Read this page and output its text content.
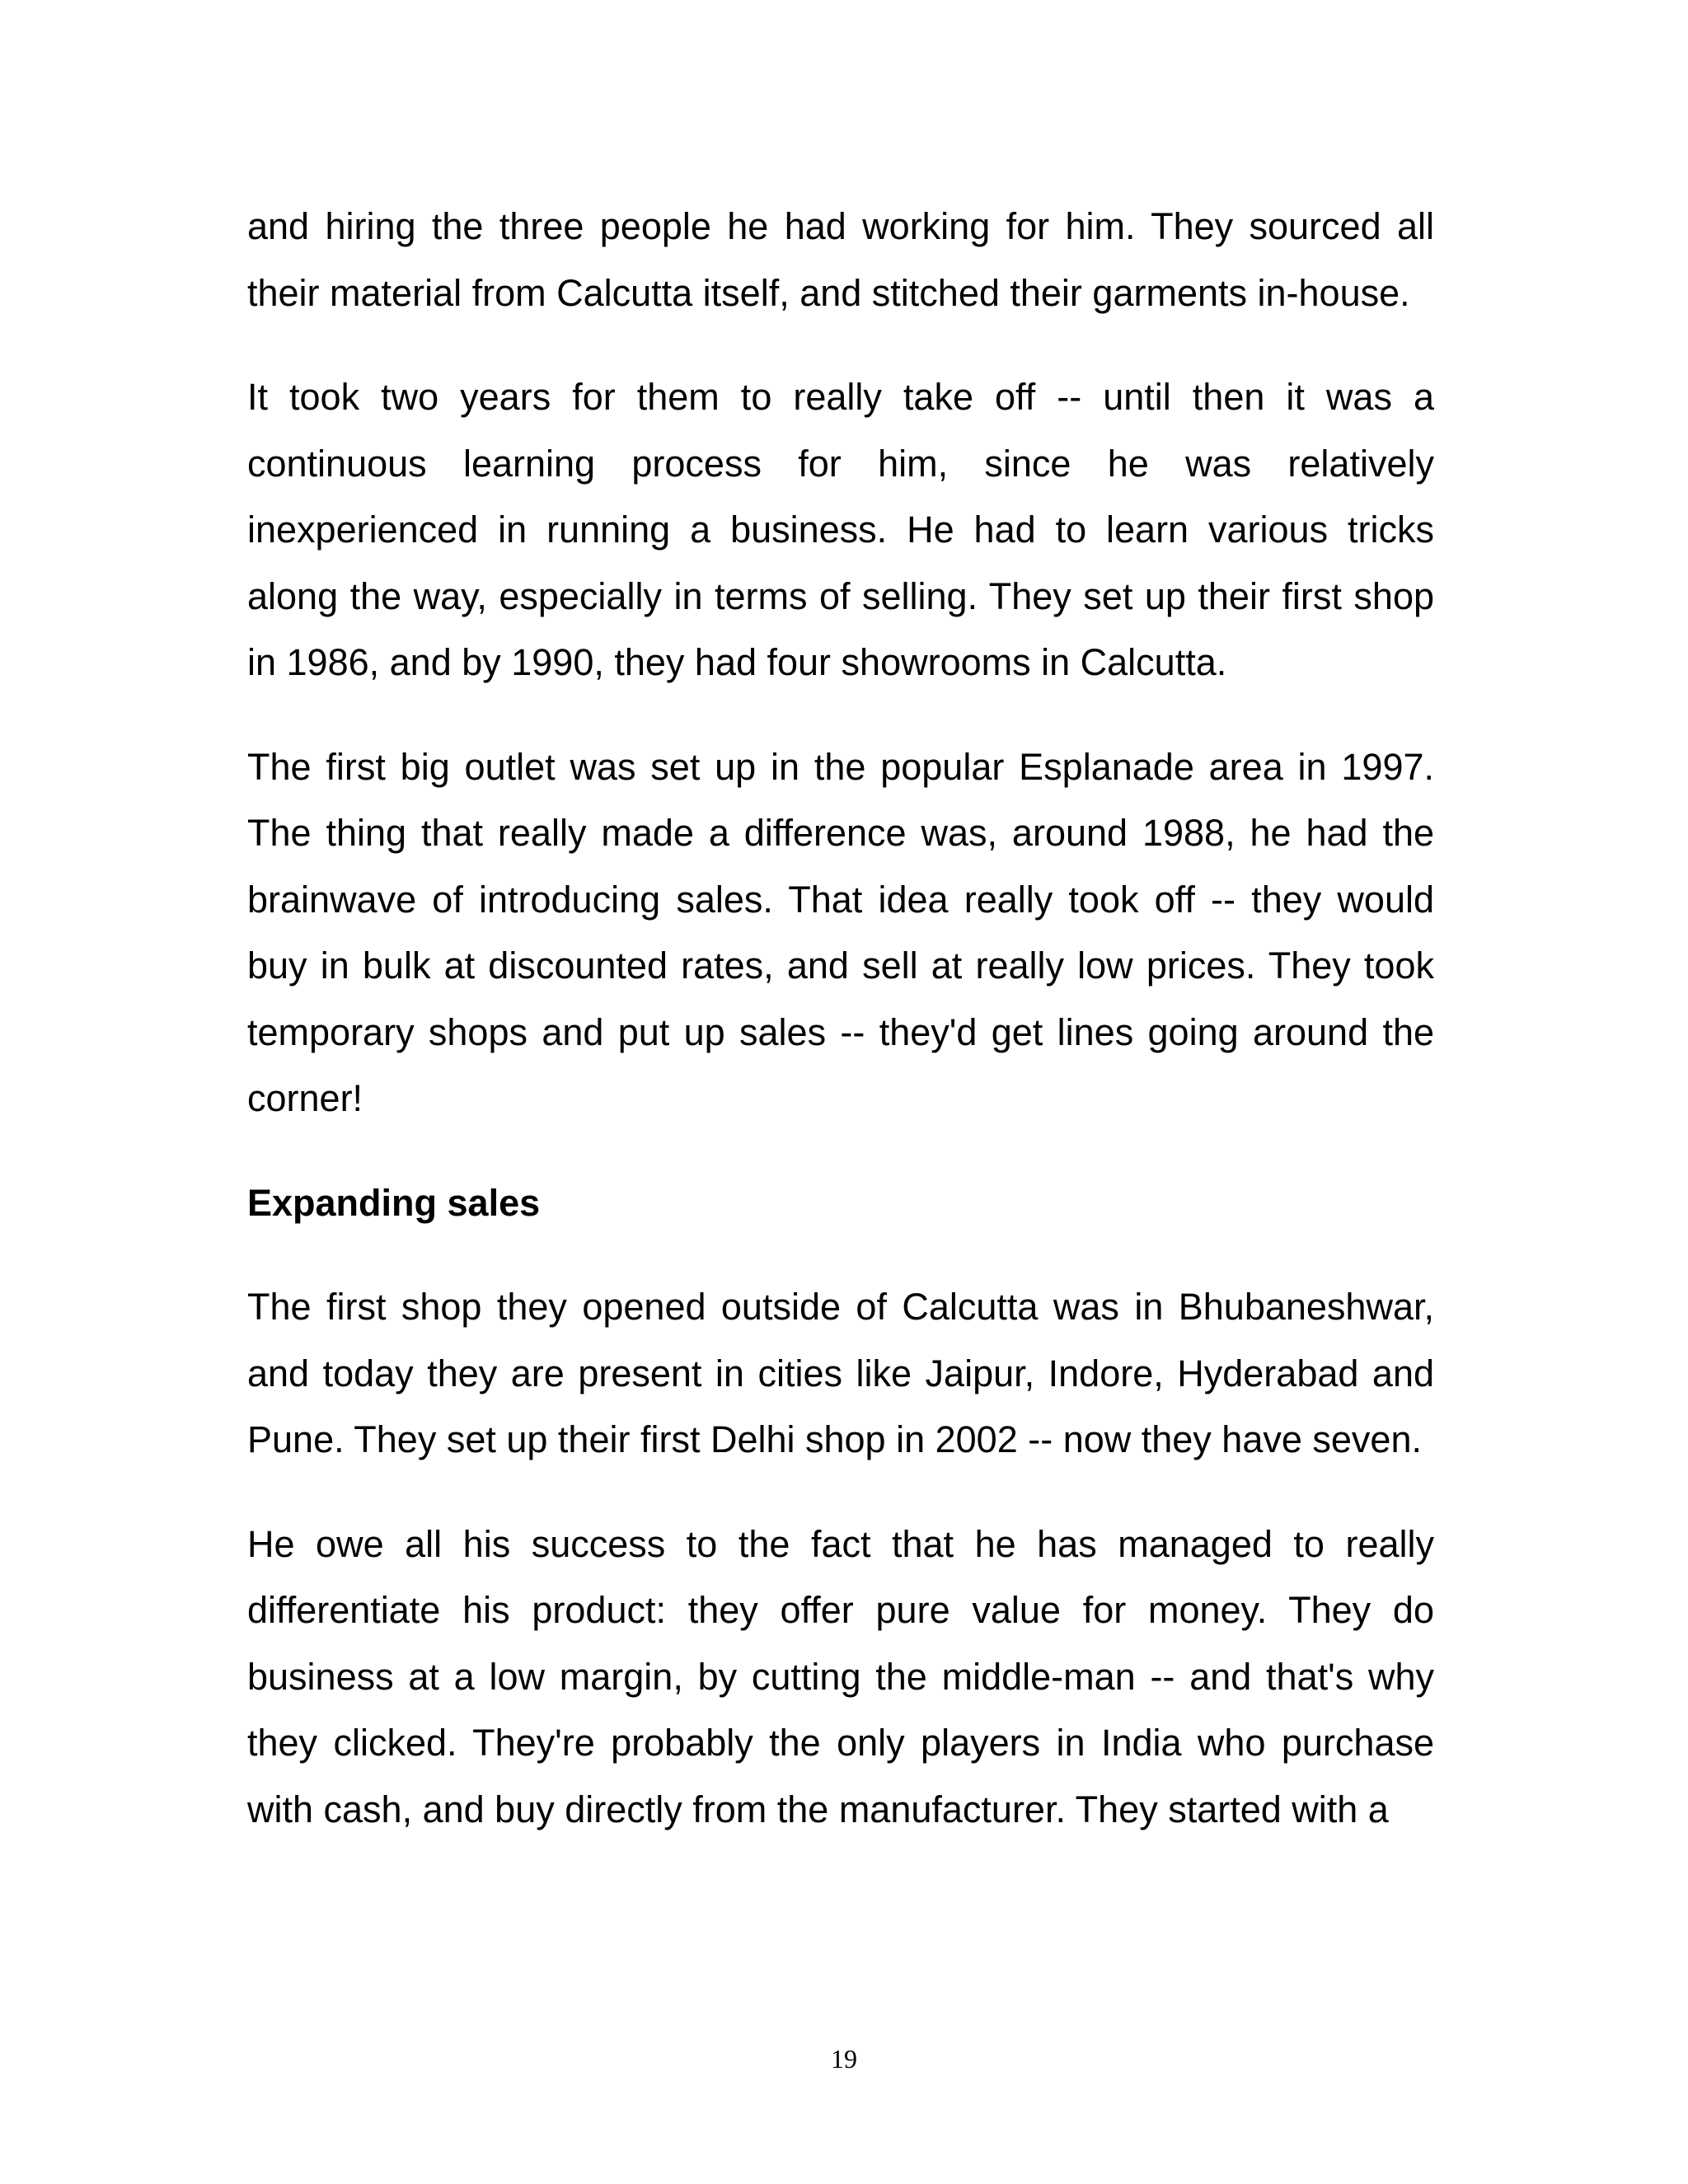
and hiring the three people he had working for him. They sourced all their material from Calcutta itself, and stitched their garments in-house.

It took two years for them to really take off -- until then it was a continuous learning process for him, since he was relatively inexperienced in running a business. He had to learn various tricks along the way, especially in terms of selling. They set up their first shop in 1986, and by 1990, they had four showrooms in Calcutta.

The first big outlet was set up in the popular Esplanade area in 1997. The thing that really made a difference was, around 1988, he had the brainwave of introducing sales. That idea really took off -- they would buy in bulk at discounted rates, and sell at really low prices. They took temporary shops and put up sales -- they'd get lines going around the corner!

Expanding sales

The first shop they opened outside of Calcutta was in Bhubaneshwar, and today they are present in cities like Jaipur, Indore, Hyderabad and Pune. They set up their first Delhi shop in 2002 -- now they have seven.

He owe all his success to the fact that he has managed to really differentiate his product: they offer pure value for money. They do business at a low margin, by cutting the middle-man -- and that's why they clicked. They're probably the only players in India who purchase with cash, and buy directly from the manufacturer. They started with a

19
